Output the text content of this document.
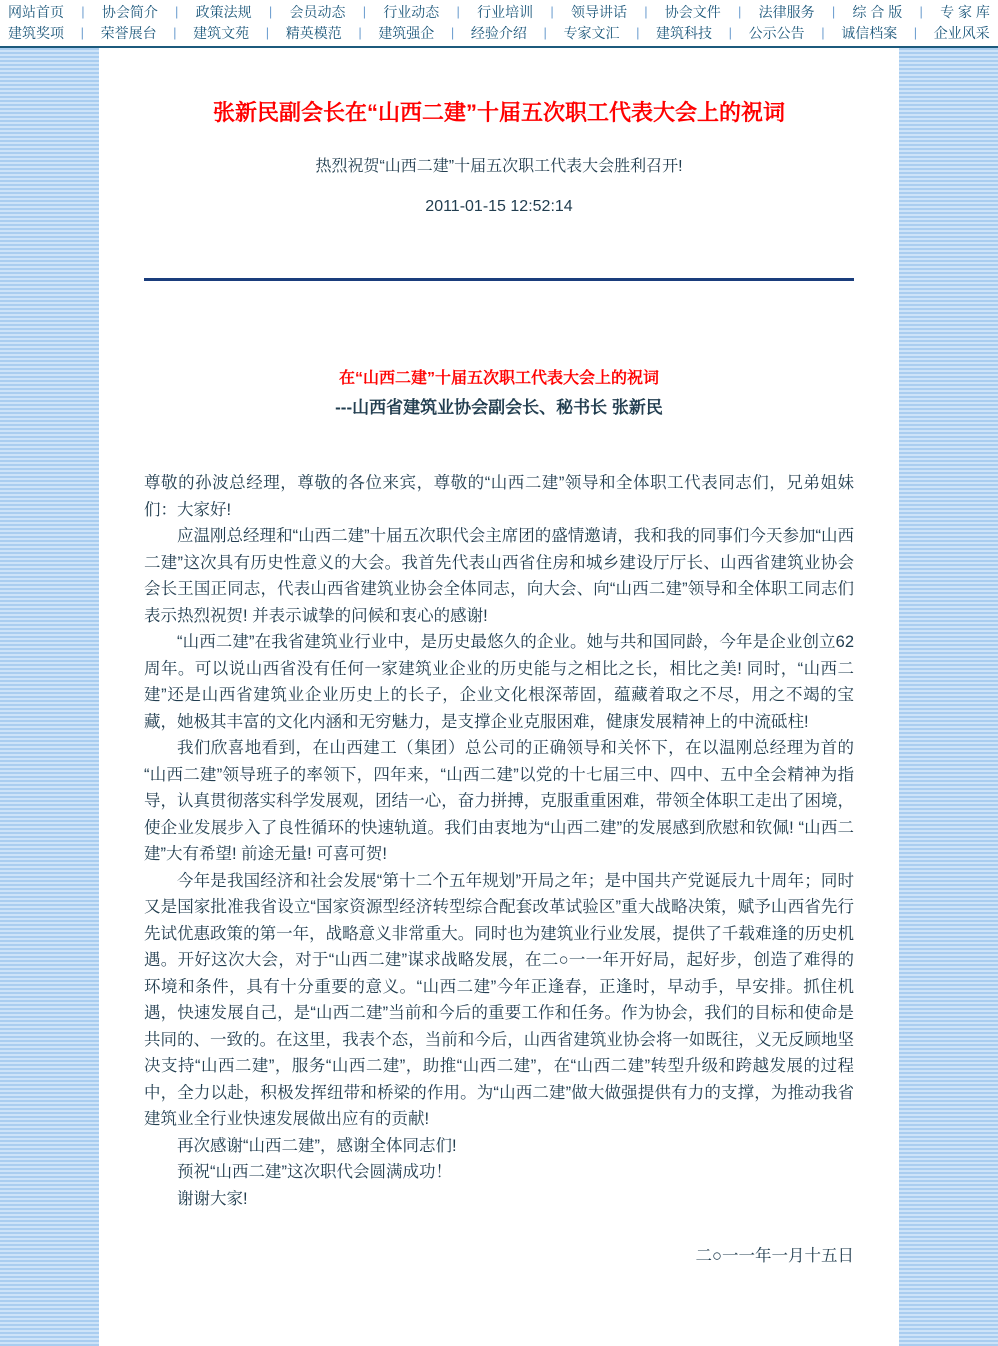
网站首页	| 协会简介	| 政策法规	| 会员动态	| 行业动态	| 行业培训	| 领导讲话	| 协会文件	| 法律服务	| 综 合 版	| 专 家 库
建筑奖项	| 荣誉展台	| 建筑文苑	| 精英模范	| 建筑强企	| 经验介绍	| 专家文汇	| 建筑科技	| 公示公告	| 诚信档案	| 企业风采
张新民副会长在“山西二建”十届五次职工代表大会上的祝词
热烈祝贺“山西二建”十届五次职工代表大会胜利召开!
2011-01-15 12:52:14
在“山西二建”十届五次职工代表大会上的祝词
---山西省建筑业协会副会长、秘书长 张新民

尊敬的孙波总经理，尊敬的各位来宾，尊敬的“山西二建”领导和全体职工代表同志们，兄弟姐妹们：大家好!

应温刚总经理和“山西二建”十届五次职代会主席团的盛情邀请，我和我的同事们今天参加“山西二建”这次具有历史性意义的大会。我首先代表山西省住房和城乡建设厅厅长、山西省建筑业协会会长王国正同志，代表山西省建筑业协会全体同志，向大会、向“山西二建”领导和全体职工同志们表示热烈祝贺! 并表示诚挚的问候和衷心的感谢!

“山西二建”在我省建筑业行业中，是历史最悠久的企业。她与共和国同龄，今年是企业创立62周年。可以说山西省没有任何一家建筑业企业的历史能与之相比之长，相比之美! 同时，“山西二建”还是山西省建筑业企业历史上的长子，企业文化根深蒂固，蕴藏着取之不尽，用之不竭的宝藏，她极其丰富的文化内涵和无穷魅力，是支撑企业克服困难，健康发展精神上的中流砥柱!

我们欣喜地看到，在山西建工（集团）总公司的正确领导和关怀下，在以温刚总经理为首的“山西二建”领导班子的率领下，四年来，“山西二建”以党的十七届三中、四中、五中全会精神为指导，认真贯彻落实科学发展观，团结一心，奋力拼搏，克服重重困难，带领全体职工走出了困境，使企业发展步入了良性循环的快速轨道。我们由衷地为“山西二建”的发展感到欣慰和钦佩! “山西二建”大有希望! 前途无量! 可喜可贺!

今年是我国经济和社会发展“第十二个五年规划”开局之年；是中国共产党诞辰九十周年；同时又是国家批准我省设立“国家资源型经济转型综合配套改革试验区”重大战略决策，赋予山西省先行先试优惠政策的第一年，战略意义非常重大。同时也为建筑业行业发展，提供了千载难逢的历史机遇。开好这次大会，对于“山西二建”谋求战略发展，在二○一一年开好局，起好步，创造了难得的环境和条件，具有十分重要的意义。“山西二建”今年正逢春，正逢时，早动手，早安排。抓住机遇，快速发展自己，是“山西二建”当前和今后的重要工作和任务。作为协会，我们的目标和使命是共同的、一致的。在这里，我表个态，当前和今后，山西省建筑业协会将一如既往，义无反顾地坚决支持“山西二建”，服务“山西二建”，助推“山西二建”，在“山西二建”转型升级和跨越发展的过程中，全力以赴，积极发挥纽带和桥梁的作用。为“山西二建”做大做强提供有力的支撑，为推动我省建筑业全行业快速发展做出应有的贡献!

再次感谢“山西二建”，感谢全体同志们!

预祝“山西二建”这次职代会圆满成功！

谢谢大家!

二○一一年一月十五日
